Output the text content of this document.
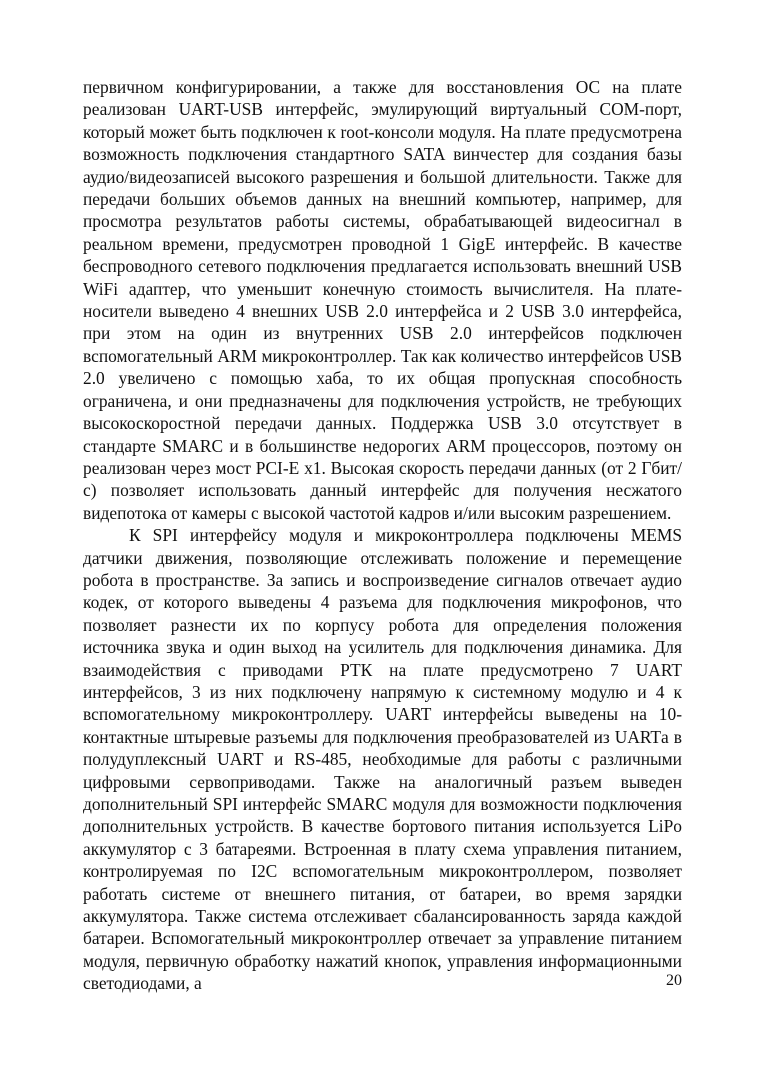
первичном конфигурировании, а также для восстановления ОС на плате реализован UART-USB интерфейс, эмулирующий виртуальный COM-порт, который может быть подключен к root-консоли модуля. На плате предусмотрена возможность подключения стандартного SATA винчестер для создания базы аудио/видеозаписей высокого разрешения и большой длительности. Также для передачи больших объемов данных на внешний компьютер, например, для просмотра результатов работы системы, обрабатывающей видеосигнал в реальном времени, предусмотрен проводной 1 GigE интерфейс. В качестве беспроводного сетевого подключения предлагается использовать внешний USB WiFi адаптер, что уменьшит конечную стоимость вычислителя. На плате-носители выведено 4 внешних USB 2.0 интерфейса и 2 USB 3.0 интерфейса, при этом на один из внутренних USB 2.0 интерфейсов подключен вспомогательный ARM микроконтроллер. Так как количество интерфейсов USB 2.0 увеличено с помощью хаба, то их общая пропускная способность ограничена, и они предназначены для подключения устройств, не требующих высокоскоростной передачи данных. Поддержка USB 3.0 отсутствует в стандарте SMARC и в большинстве недорогих ARM процессоров, поэтому он реализован через мост PCI-E x1. Высокая скорость передачи данных (от 2 Гбит/с) позволяет использовать данный интерфейс для получения несжатого видепотока от камеры с высокой частотой кадров и/или высоким разрешением.

К SPI интерфейсу модуля и микроконтроллера подключены MEMS датчики движения, позволяющие отслеживать положение и перемещение робота в пространстве. За запись и воспроизведение сигналов отвечает аудио кодек, от которого выведены 4 разъема для подключения микрофонов, что позволяет разнести их по корпусу робота для определения положения источника звука и один выход на усилитель для подключения динамика. Для взаимодействия с приводами РТК на плате предусмотрено 7 UART интерфейсов, 3 из них подключену напрямую к системному модулю и 4 к вспомогательному микроконтроллеру. UART интерфейсы выведены на 10-контактные штыревые разъемы для подключения преобразователей из UARTа в полудуплексный UART и RS-485, необходимые для работы с различными цифровыми сервоприводами. Также на аналогичный разъем выведен дополнительный SPI интерфейс SMARC модуля для возможности подключения дополнительных устройств. В качестве бортового питания используется LiPo аккумулятор с 3 батареями. Встроенная в плату схема управления питанием, контролируемая по I2C вспомогательным микроконтроллером, позволяет работать системе от внешнего питания, от батареи, во время зарядки аккумулятора. Также система отслеживает сбалансированность заряда каждой батареи. Вспомогательный микроконтроллер отвечает за управление питанием модуля, первичную обработку нажатий кнопок, управления информационными светодиодами, а	20
